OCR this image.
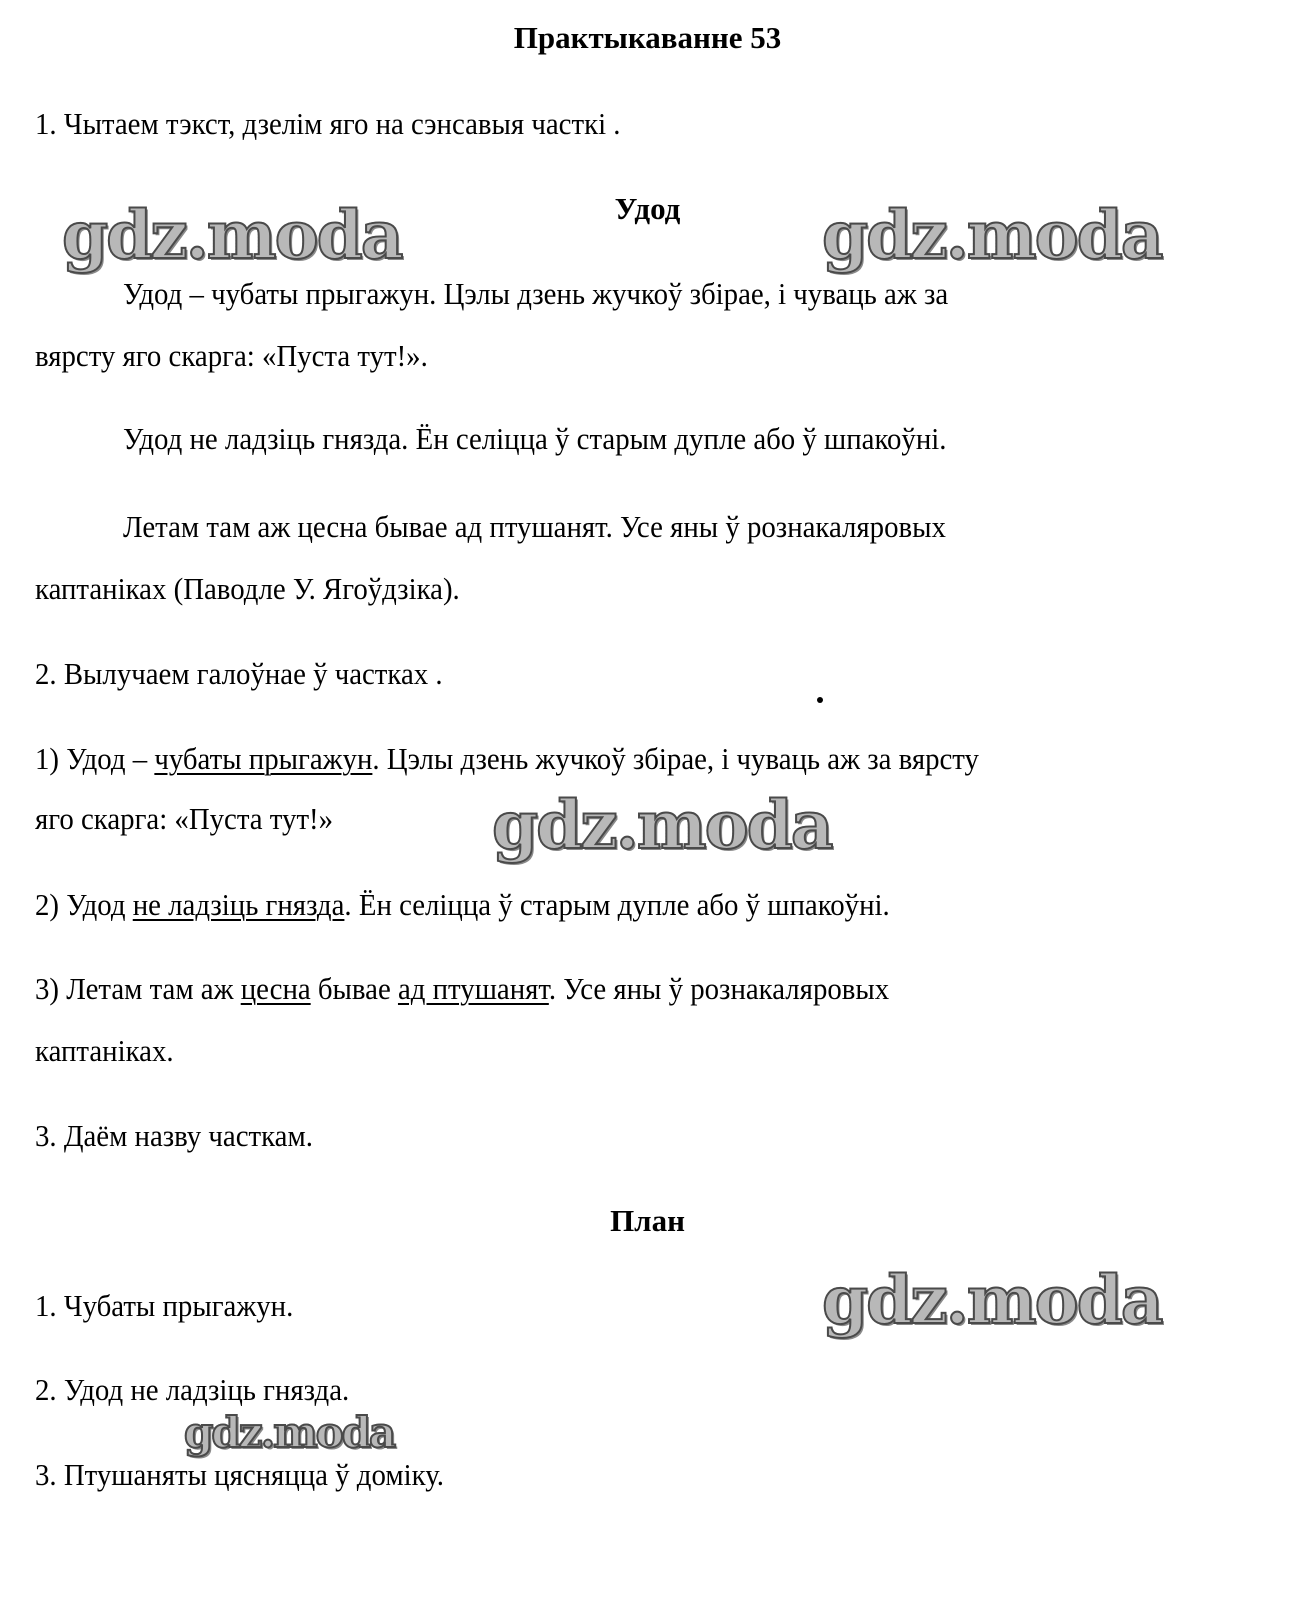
Практыкаванне 53
1. Чытаем тэкст, дзелім яго на сэнсавыя часткі .
Удод
Удод – чубаты прыгажун. Цэлы дзень жучкоў збірае, і чуваць аж за
вярсту яго скарга: «Пуста тут!».
Удод не ладзіць гнязда. Ён селіцца ў старым дупле або ў шпакоўні.
Летам там аж цесна бывае ад птушанят. Усе яны ў рознакаляровых
каптаніках (Паводле У. Ягоўдзіка).
2. Вылучаем галоўнае ў частках .
1) Удод – чубаты прыгажун. Цэлы дзень жучкоў збірае, і чуваць аж за вярсту
яго скарга: «Пуста тут!»
2) Удод не ладзіць гнязда. Ён селіцца ў старым дупле або ў шпакоўні.
3) Летам там аж цесна бывае ад птушанят. Усе яны ў рознакаляровых
каптаніках.
3. Даём назву часткам.
План
1. Чубаты прыгажун.
2. Удод не ладзіць гнязда.
3. Птушаняты цясняцца ў доміку.
gdz.moda	gdz.moda
gdz.moda
gdz.moda
gdz.moda
